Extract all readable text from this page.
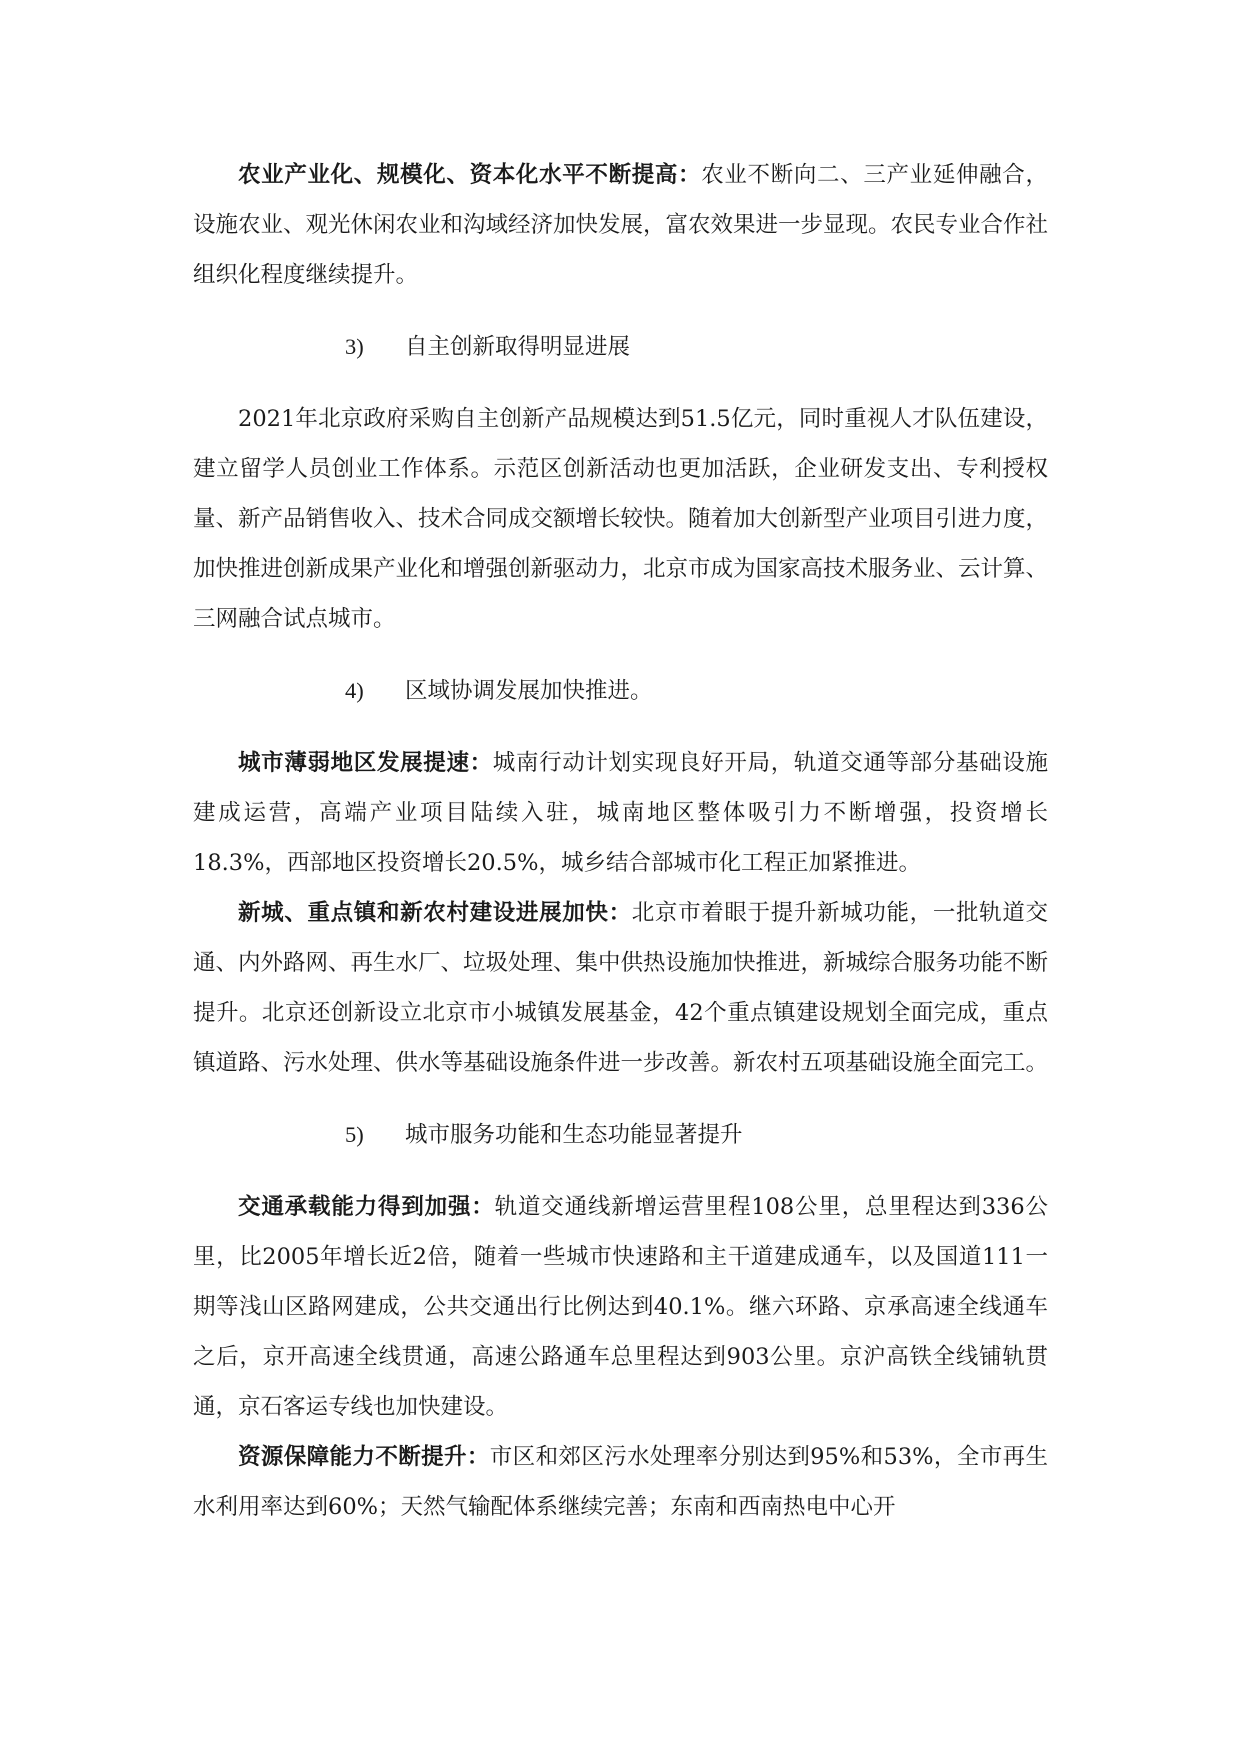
农业产业化、规模化、资本化水平不断提高：农业不断向二、三产业延伸融合，设施农业、观光休闲农业和沟域经济加快发展，富农效果进一步显现。农民专业合作社组织化程度继续提升。

3)	自主创新取得明显进展

2021年北京政府采购自主创新产品规模达到51.5亿元，同时重视人才队伍建设，建立留学人员创业工作体系。示范区创新活动也更加活跃，企业研发支出、专利授权量、新产品销售收入、技术合同成交额增长较快。随着加大创新型产业项目引进力度，加快推进创新成果产业化和增强创新驱动力，北京市成为国家高技术服务业、云计算、三网融合试点城市。

4)	区域协调发展加快推进。

城市薄弱地区发展提速：城南行动计划实现良好开局，轨道交通等部分基础设施建成运营，高端产业项目陆续入驻，城南地区整体吸引力不断增强，投资增长18.3%，西部地区投资增长20.5%，城乡结合部城市化工程正加紧推进。

新城、重点镇和新农村建设进展加快：北京市着眼于提升新城功能，一批轨道交通、内外路网、再生水厂、垃圾处理、集中供热设施加快推进，新城综合服务功能不断提升。北京还创新设立北京市小城镇发展基金，42个重点镇建设规划全面完成，重点镇道路、污水处理、供水等基础设施条件进一步改善。新农村五项基础设施全面完工。

5)	城市服务功能和生态功能显著提升

交通承载能力得到加强：轨道交通线新增运营里程108公里，总里程达到336公里，比2005年增长近2倍，随着一些城市快速路和主干道建成通车，以及国道111一期等浅山区路网建成，公共交通出行比例达到40.1%。继六环路、京承高速全线通车之后，京开高速全线贯通，高速公路通车总里程达到903公里。京沪高铁全线铺轨贯通，京石客运专线也加快建设。

资源保障能力不断提升：市区和郊区污水处理率分别达到95%和53%，全市再生水利用率达到60%；天然气输配体系继续完善；东南和西南热电中心开
